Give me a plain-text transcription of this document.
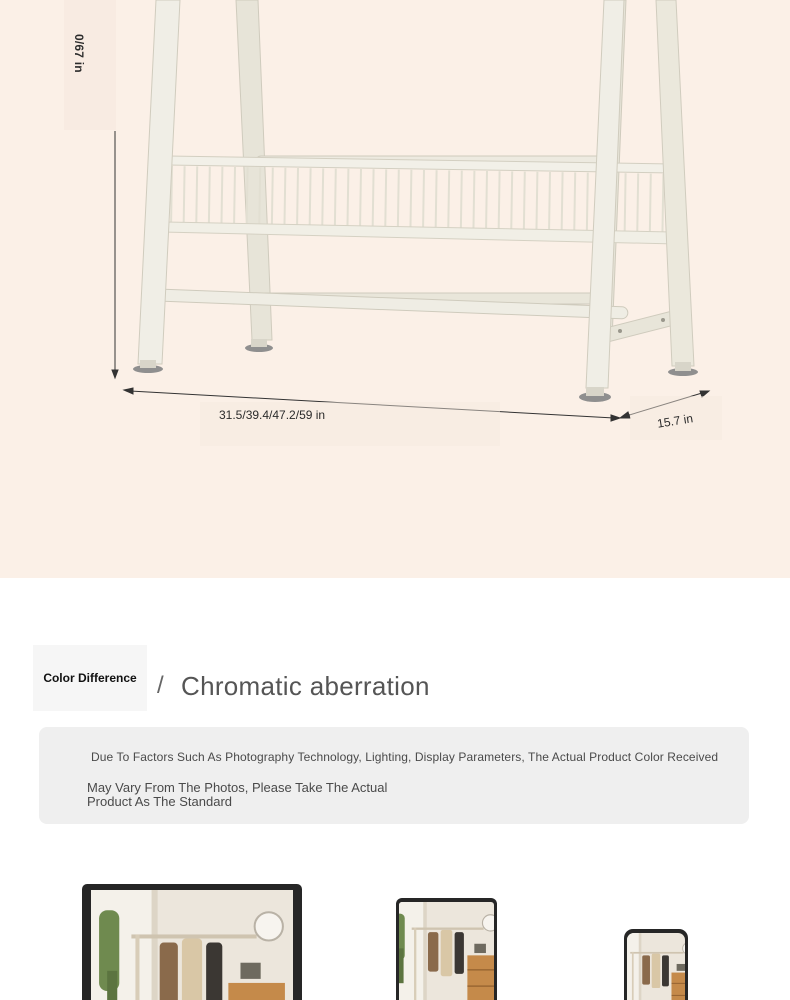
0/67 in
31.5/39.4/47.2/59 in	15.7 in
Color Difference / Chromatic aberration
Due To Factors Such As Photography Technology, Lighting, Display Parameters, The Actual Product Color Received
May Vary From The Photos, Please Take The Actual Product As The Standard
